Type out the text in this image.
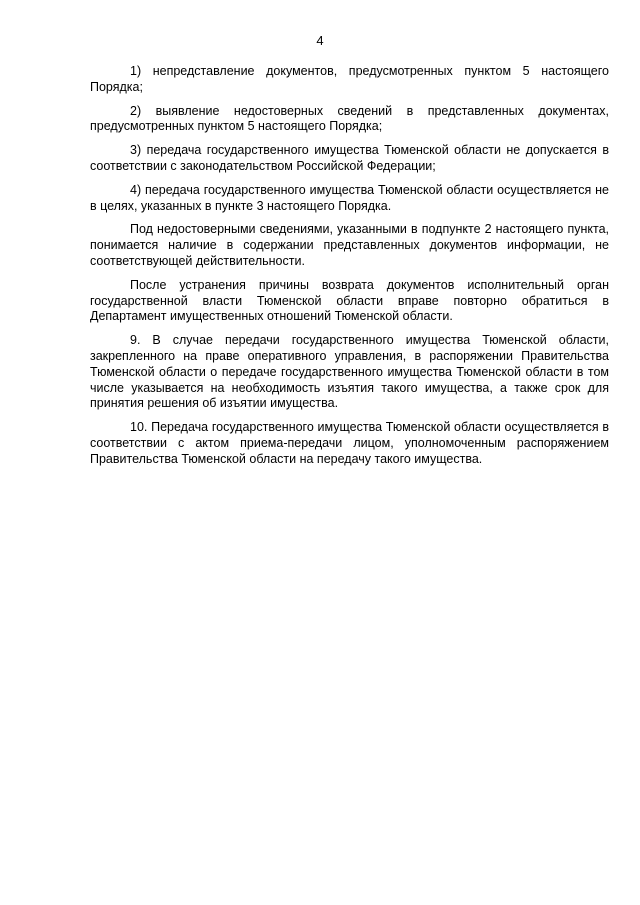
4

1) непредставление документов, предусмотренных пунктом 5 настоящего Порядка;

2) выявление недостоверных сведений в представленных документах, предусмотренных пунктом 5 настоящего Порядка;

3) передача государственного имущества Тюменской области не допускается в соответствии с законодательством Российской Федерации;

4) передача государственного имущества Тюменской области осуществляется не в целях, указанных в пункте 3 настоящего Порядка.

Под недостоверными сведениями, указанными в подпункте 2 настоящего пункта, понимается наличие в содержании представленных документов информации, не соответствующей действительности.

После устранения причины возврата документов исполнительный орган государственной власти Тюменской области вправе повторно обратиться в Департамент имущественных отношений Тюменской области.

9. В случае передачи государственного имущества Тюменской области, закрепленного на праве оперативного управления, в распоряжении Правительства Тюменской области о передаче государственного имущества Тюменской области в том числе указывается на необходимость изъятия такого имущества, а также срок для принятия решения об изъятии имущества.

10. Передача государственного имущества Тюменской области осуществляется в соответствии с актом приема-передачи лицом, уполномоченным распоряжением Правительства Тюменской области на передачу такого имущества.
